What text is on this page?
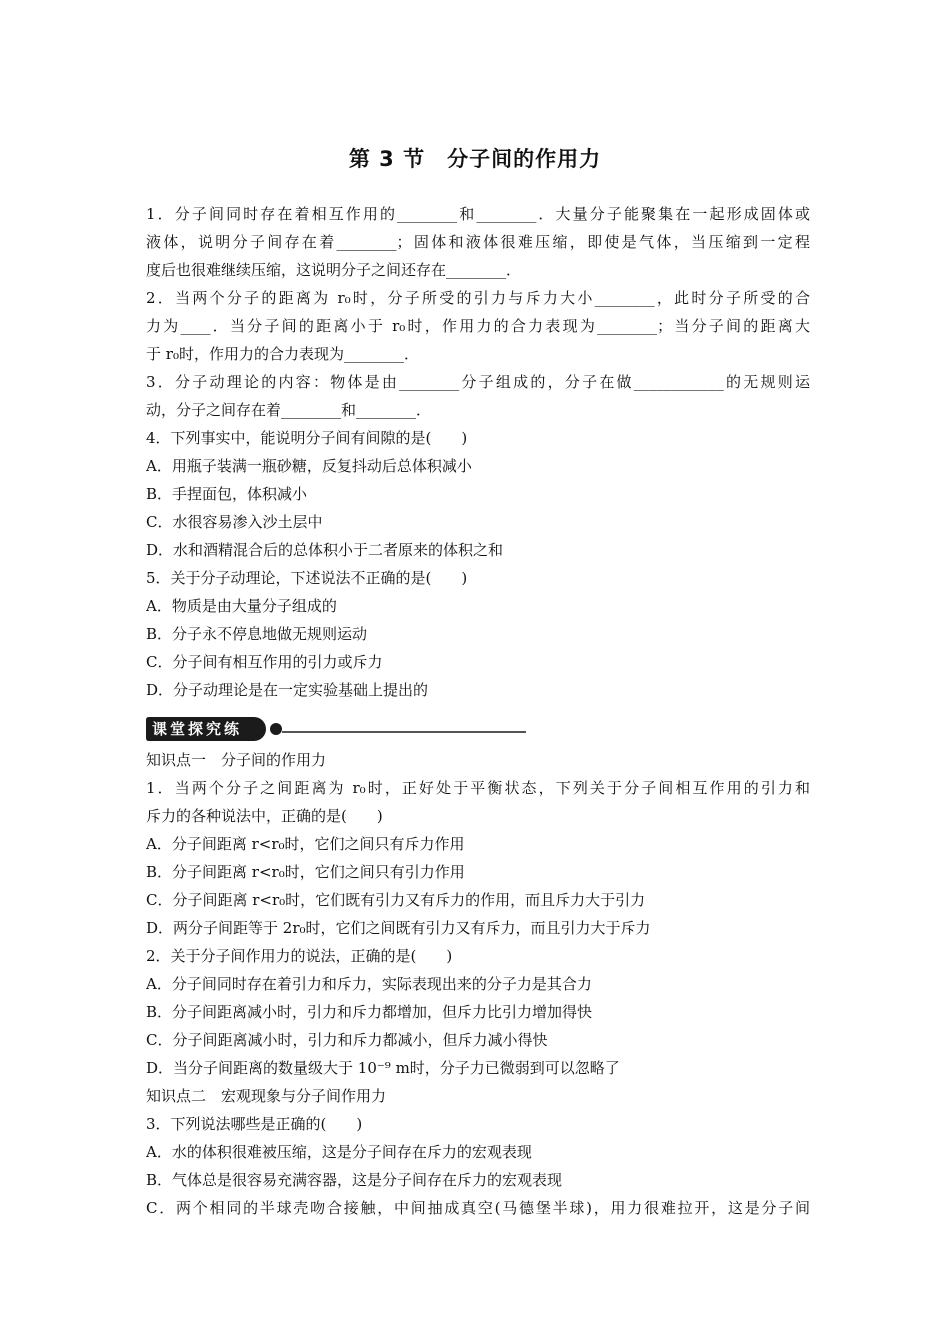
第 3 节　分子间的作用力
1．分子间同时存在着相互作用的________和________．大量分子能聚集在一起形成固体或
液体，说明分子间存在着________；固体和液体很难压缩，即使是气体，当压缩到一定程
度后也很难继续压缩，这说明分子之间还存在________．
2．当两个分子的距离为 r₀时，分子所受的引力与斥力大小________，此时分子所受的合
力为____．当分子间的距离小于 r₀时，作用力的合力表现为________；当分子间的距离大
于 r₀时，作用力的合力表现为________．
3．分子动理论的内容：物体是由________分子组成的，分子在做____________的无规则运
动，分子之间存在着________和________．
4．下列事实中，能说明分子间有间隙的是(　　)
A．用瓶子装满一瓶砂糖，反复抖动后总体积减小
B．手捏面包，体积减小
C．水很容易渗入沙土层中
D．水和酒精混合后的总体积小于二者原来的体积之和
5．关于分子动理论，下述说法不正确的是(　　)
A．物质是由大量分子组成的
B．分子永不停息地做无规则运动
C．分子间有相互作用的引力或斥力
D．分子动理论是在一定实验基础上提出的
课堂探究练
知识点一　分子间的作用力
1．当两个分子之间距离为 r₀时，正好处于平衡状态，下列关于分子间相互作用的引力和
斥力的各种说法中，正确的是(　　)
A．分子间距离 r<r₀时，它们之间只有斥力作用
B．分子间距离 r<r₀时，它们之间只有引力作用
C．分子间距离 r<r₀时，它们既有引力又有斥力的作用，而且斥力大于引力
D．两分子间距等于 2r₀时，它们之间既有引力又有斥力，而且引力大于斥力
2．关于分子间作用力的说法，正确的是(　　)
A．分子间同时存在着引力和斥力，实际表现出来的分子力是其合力
B．分子间距离减小时，引力和斥力都增加，但斥力比引力增加得快
C．分子间距离减小时，引力和斥力都减小，但斥力减小得快
D．当分子间距离的数量级大于 10⁻⁹ m时，分子力已微弱到可以忽略了
知识点二　宏观现象与分子间作用力
3．下列说法哪些是正确的(　　)
A．水的体积很难被压缩，这是分子间存在斥力的宏观表现
B．气体总是很容易充满容器，这是分子间存在斥力的宏观表现
C．两个相同的半球壳吻合接触，中间抽成真空(马德堡半球)，用力很难拉开，这是分子间
